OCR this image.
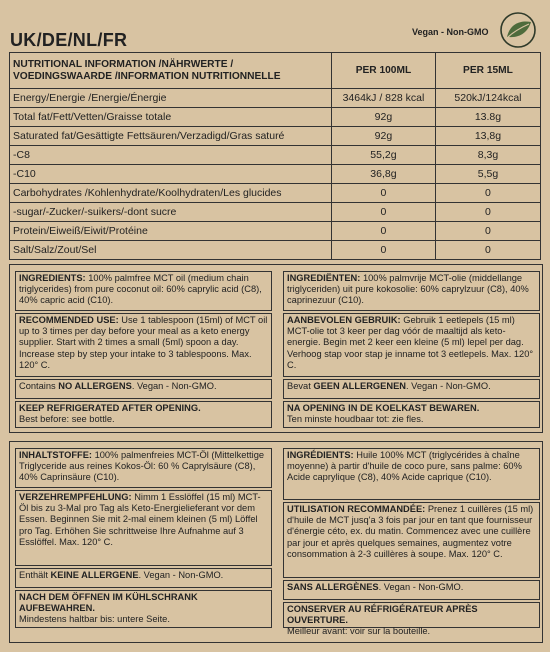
UK/DE/NL/FR	Vegan - Non-GMO
NUTRITIONAL INFORMATION /NÄHRWERTE / VOEDINGSWAARDE /INFORMATION NUTRITIONNELLE	PER 100ML	PER 15ML
Energy/Energie /Energie/Énergie	3464kJ / 828 kcal	520kJ/124kcal
Total fat/Fett/Vetten/Graisse totale	92g	13.8g
Saturated fat/Gesättigte Fettsäuren/Verzadigd/Gras saturé	92g	13,8g
-C8	55,2g	8,3g
-C10	36,8g	5,5g
Carbohydrates /Kohlenhydrate/Koolhydraten/Les glucides	0	0
-sugar/-Zucker/-suikers/-dont sucre	0	0
Protein/Eiweiß/Eiwit/Protéine	0	0
Salt/Salz/Zout/Sel	0	0
INGREDIENTS: 100% palmfree MCT oil (medium chain triglycerides) from pure coconut oil: 60% caprylic acid (C8), 40% capric acid (C10).
RECOMMENDED USE: Use 1 tablespoon (15ml) of MCT oil up to 3 times per day before your meal as a keto energy supplier. Start with 2 times a small (5ml) spoon a day. Increase step by step your intake to 3 tablespoons. Max. 120° C.
Contains NO ALLERGENS. Vegan - Non-GMO.
KEEP REFRIGERATED AFTER OPENING.
Best before: see bottle.
INGREDIËNTEN: 100% palmvrije MCT-olie (middellange triglyceriden) uit pure kokosolie: 60% caprylzuur (C8), 40% caprinezuur (C10).
AANBEVOLEN GEBRUIK: Gebruik 1 eetlepels (15 ml) MCT-olie tot 3 keer per dag vóór de maaltijd als keto-energie. Begin met 2 keer een kleine (5 ml) lepel per dag. Verhoog stap voor stap je inname tot 3 eetlepels. Max. 120° C.
Bevat GEEN ALLERGENEN. Vegan - Non-GMO.
NA OPENING IN DE KOELKAST BEWAREN.
Ten minste houdbaar tot: zie fles.
INHALTSTOFFE: 100% palmenfreies MCT-Öl (Mittelkettige Triglyceride aus reines Kokos-Öl: 60 % Caprylsäure (C8), 40% Caprinsäure (C10).
VERZEHREMPFEHLUNG: Nimm 1 Esslöffel (15 ml) MCT-Öl bis zu 3-Mal pro Tag als Keto-Energielieferant vor dem Essen. Beginnen Sie mit 2-mal einem kleinen (5 ml) Löffel pro Tag. Erhöhen Sie schrittweise Ihre Aufnahme auf 3 Esslöffel. Max. 120° C.
Enthält KEINE ALLERGENE. Vegan - Non-GMO.
NACH DEM ÖFFNEN IM KÜHLSCHRANK AUFBEWAHREN.
Mindestens haltbar bis: untere Seite.
INGRÉDIENTS: Huile 100% MCT (triglycérides à chaîne moyenne) à partir d'huile de coco pure, sans palme: 60% Acide caprylique (C8), 40% Acide caprique (C10).
UTILISATION RECOMMANDÉE: Prenez 1 cuillères (15 ml) d'huile de MCT jusq'a 3 fois par jour en tant que fournisseur d'énergie céto, ex. du matin. Commencez avec une cuillère par jour et après quelques semaines, augmentez votre consommation à 2-3 cuillères à soupe. Max. 120° C.
SANS ALLERGÈNES. Vegan - Non-GMO.
CONSERVER AU RÉFRIGÉRATEUR APRÈS OUVERTURE.
Meilleur avant: voir sur la bouteille.
